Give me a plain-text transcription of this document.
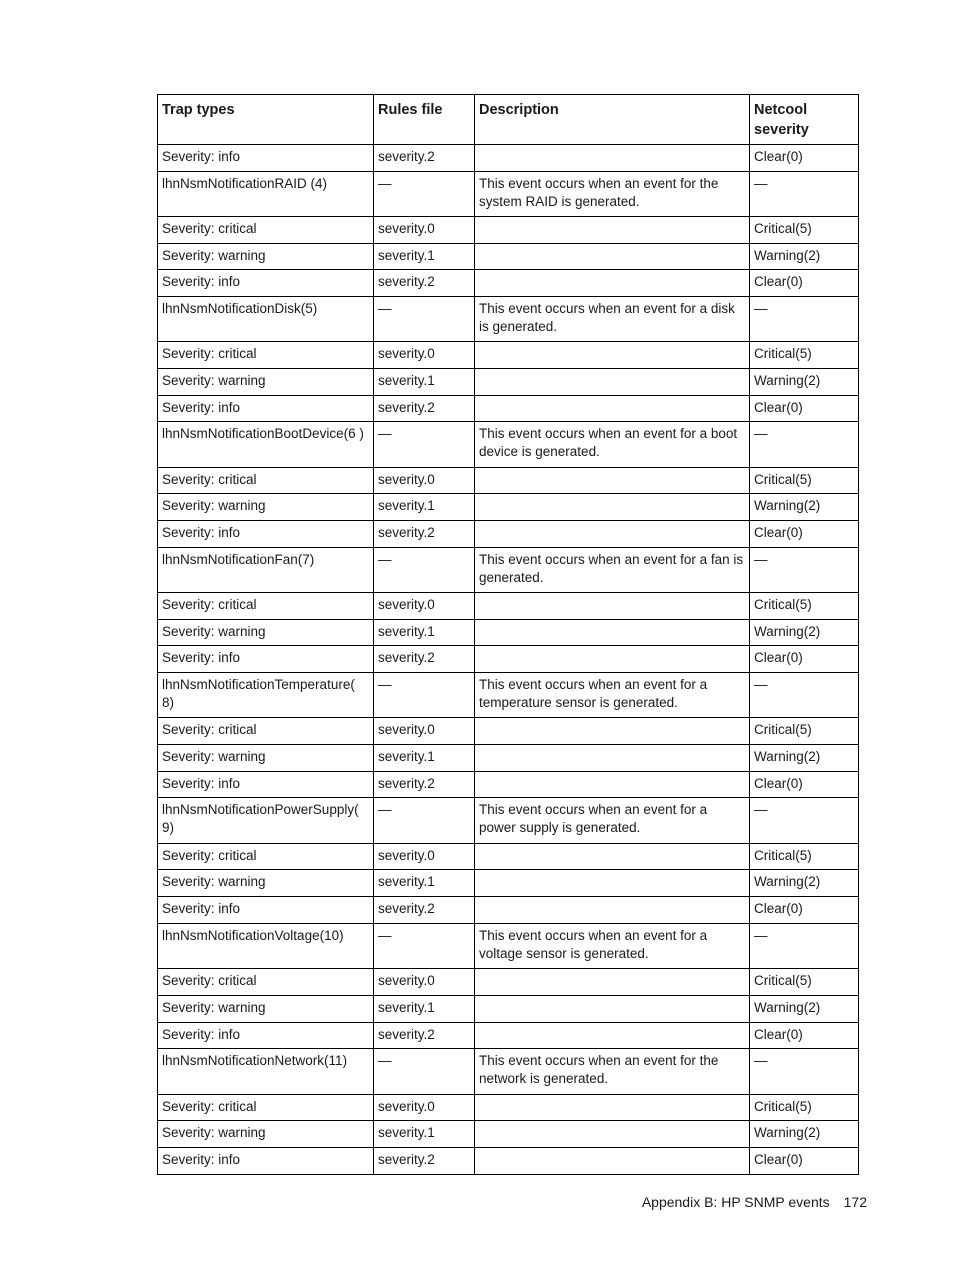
Trap types	Rules file	Description	Netcool severity
Severity: info	severity.2		Clear(0)
lhnNsmNotificationRAID (4)	—	This event occurs when an event for the system RAID is generated.	—
Severity: critical	severity.0		Critical(5)
Severity: warning	severity.1		Warning(2)
Severity: info	severity.2		Clear(0)
lhnNsmNotificationDisk(5)	—	This event occurs when an event for a disk is generated.	—
Severity: critical	severity.0		Critical(5)
Severity: warning	severity.1		Warning(2)
Severity: info	severity.2		Clear(0)
lhnNsmNotificationBootDevice(6 )	—	This event occurs when an event for a boot device is generated.	—
Severity: critical	severity.0		Critical(5)
Severity: warning	severity.1		Warning(2)
Severity: info	severity.2		Clear(0)
lhnNsmNotificationFan(7)	—	This event occurs when an event for a fan is generated.	—
Severity: critical	severity.0		Critical(5)
Severity: warning	severity.1		Warning(2)
Severity: info	severity.2		Clear(0)
lhnNsmNotificationTemperature( 8)	—	This event occurs when an event for a temperature sensor is generated.	—
Severity: critical	severity.0		Critical(5)
Severity: warning	severity.1		Warning(2)
Severity: info	severity.2		Clear(0)
lhnNsmNotificationPowerSupply( 9)	—	This event occurs when an event for a power supply is generated.	—
Severity: critical	severity.0		Critical(5)
Severity: warning	severity.1		Warning(2)
Severity: info	severity.2		Clear(0)
lhnNsmNotificationVoltage(10)	—	This event occurs when an event for a voltage sensor is generated.	—
Severity: critical	severity.0		Critical(5)
Severity: warning	severity.1		Warning(2)
Severity: info	severity.2		Clear(0)
lhnNsmNotificationNetwork(11)	—	This event occurs when an event for the network is generated.	—
Severity: critical	severity.0		Critical(5)
Severity: warning	severity.1		Warning(2)
Severity: info	severity.2		Clear(0)
Appendix B: HP SNMP events 172
